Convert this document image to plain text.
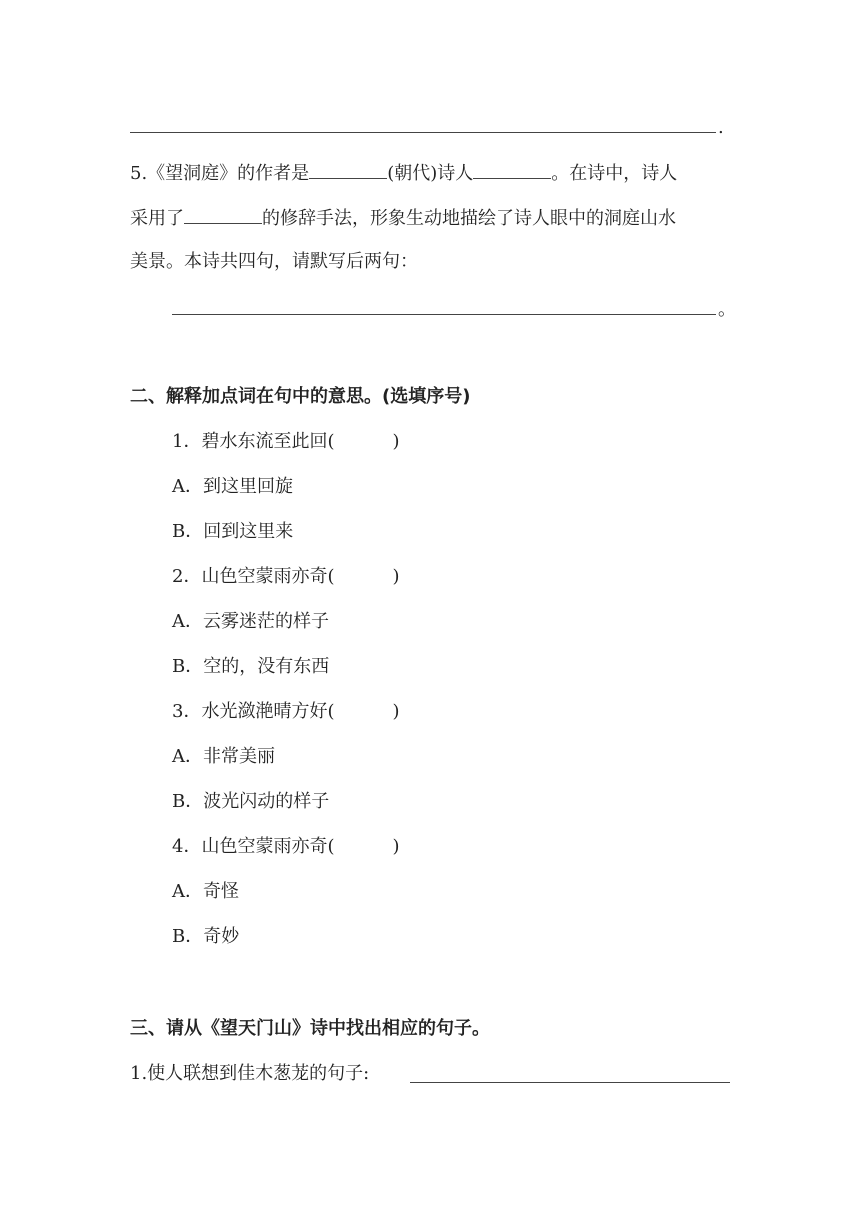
.
5.《望洞庭》的作者是	(朝代)诗人	。在诗中，诗人
采用了	的修辞手法，形象生动地描绘了诗人眼中的洞庭山水
美景。本诗共四句，请默写后两句：
。
二、解释加点词在句中的意思。(选填序号)
1．碧水东流至此回(	)
A．到这里回旋
B．回到这里来
2．山色空蒙雨亦奇(	)
A．云雾迷茫的样子
B．空的，没有东西
3．水光潋滟晴方好(	)
A．非常美丽
B．波光闪动的样子
4．山色空蒙雨亦奇(	)
A．奇怪
B．奇妙
三、请从《望天门山》诗中找出相应的句子。
1.使人联想到佳木葱茏的句子:
